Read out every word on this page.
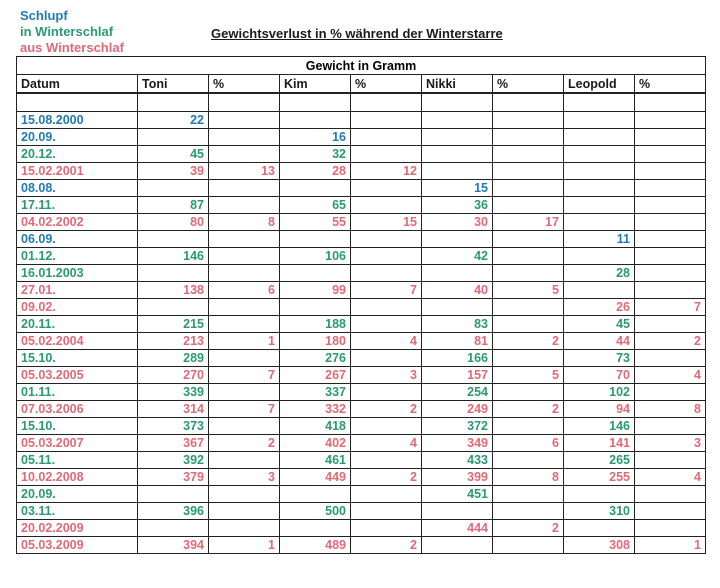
Schlupf
in Winterschlaf
aus Winterschlaf
Gewichtsverlust in % während der Winterstarre
Gewicht in Gramm								
Datum	Toni	%	Kim	%	Nikki	%	Leopold	%

15.08.2000	22							
20.09.			16					
20.12.	45		32					
15.02.2001	39	13	28	12				
08.08.					15			
17.11.	87		65		36			
04.02.2002	80	8	55	15	30	17		
06.09.							11	
01.12.	146		106		42			
16.01.2003							28	
27.01.	138	6	99	7	40	5		
09.02.							26	7
20.11.	215		188		83		45	
05.02.2004	213	1	180	4	81	2	44	2
15.10.	289		276		166		73	
05.03.2005	270	7	267	3	157	5	70	4
01.11.	339		337		254		102	
07.03.2006	314	7	332	2	249	2	94	8
15.10.	373		418		372		146	
05.03.2007	367	2	402	4	349	6	141	3
05.11.	392		461		433		265	
10.02.2008	379	3	449	2	399	8	255	4
20.09.					451			
03.11.	396		500				310	
20.02.2009					444	2		
05.03.2009	394	1	489	2			308	1
